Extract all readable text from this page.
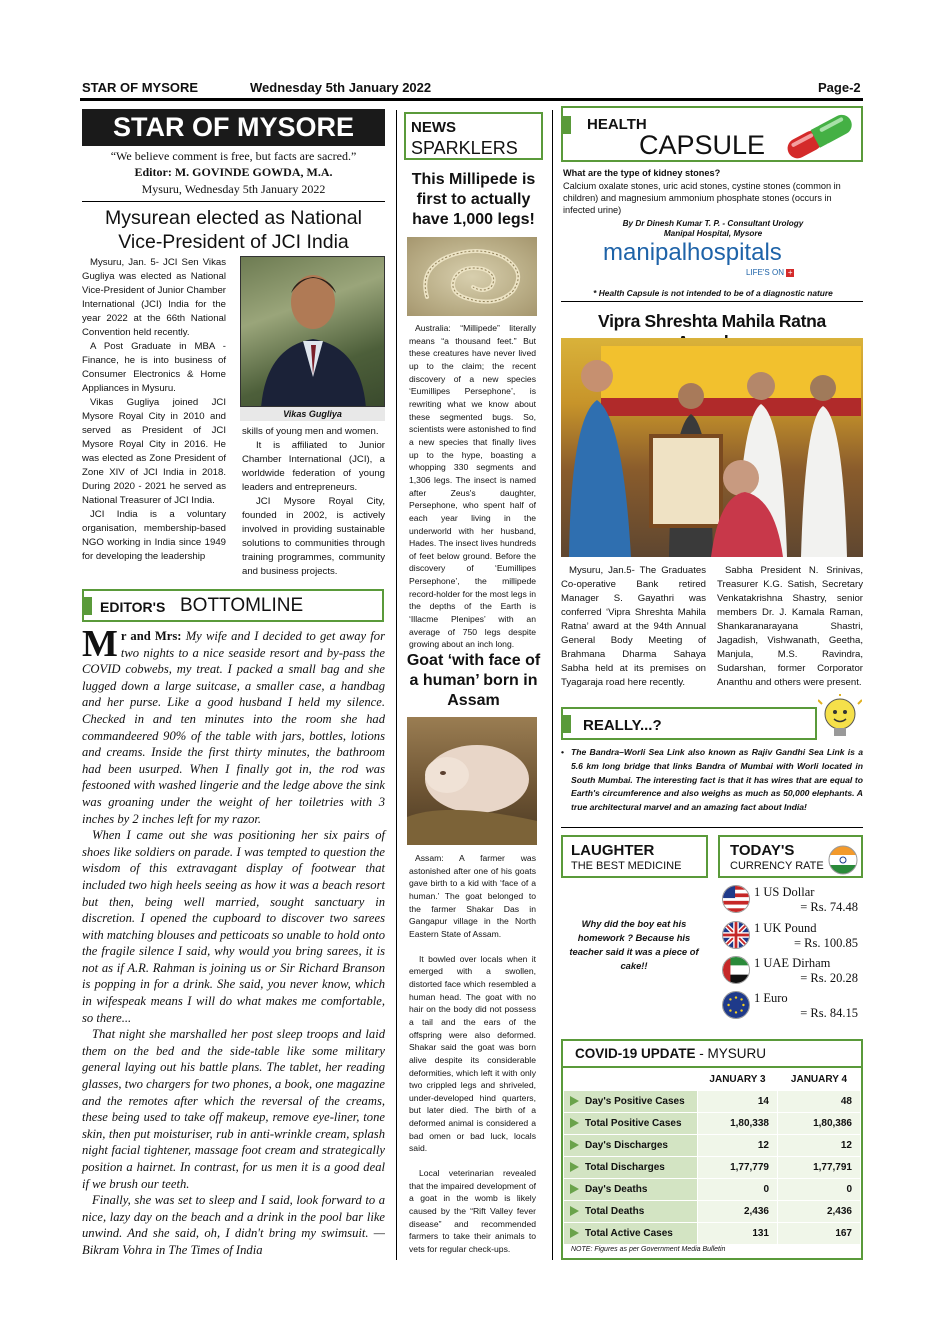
STAR OF MYSORE	Wednesday 5th January 2022	Page-2
STAR OF MYSORE
“We believe comment is free, but facts are sacred.”
Editor: M. GOVINDE GOWDA, M.A.
Mysuru, Wednesday 5th January 2022
Mysurean elected as National Vice-President of JCI India

Mysuru, Jan. 5- JCI Sen Vikas Gugliya was elected as National Vice-President of Junior Chamber International (JCI) India for the year 2022 at the 66th National Convention held recently.

A Post Graduate in MBA - Finance, he is into business of Consumer Electronics & Home Appliances in Mysuru.

Vikas Gugliya joined JCI Mysore Royal City in 2010 and served as President of JCI Mysore Royal City in 2016. He was elected as Zone President of Zone XIV of JCI India in 2018. During 2020 - 2021 he served as National Treasurer of JCI India.

JCI India is a voluntary organisation, membership-based NGO working in India since 1949 for developing the leadership

Vikas Gugliya

skills of young men and women.

It is affiliated to Junior Chamber International (JCI), a worldwide federation of young leaders and entrepreneurs.

JCI Mysore Royal City, founded in 2002, is actively involved in providing sustainable solutions to communities through training programmes, community and business projects.

EDITOR'S BOTTOMLINE

Mr and Mrs: My wife and I decided to get away for two nights to a nice seaside resort and by-pass the COVID cobwebs, my treat. I packed a small bag and she lugged down a large suitcase, a smaller case, a handbag and her purse. Like a good husband I held my silence. Checked in and ten minutes into the room she had commandeered 90% of the table with jars, bottles, lotions and creams. Inside the first thirty minutes, the bathroom had been usurped. When I finally got in, the rod was festooned with washed lingerie and the ledge above the sink was groaning under the weight of her toiletries with 3 inches by 2 inches left for my razor.

When I came out she was positioning her six pairs of shoes like soldiers on parade. I was tempted to question the wisdom of this extravagant display of footwear that included two high heels seeing as how it was a beach resort but then, being well married, sought sanctuary in discretion. I opened the cupboard to discover two sarees with matching blouses and petticoats so unable to hold onto the fragile silence I said, why would you bring sarees, it is not as if A.R. Rahman is joining us or Sir Richard Branson is popping in for a drink. She said, you never know, which in wifespeak means I will do what makes me comfortable, so there...

That night she marshalled her post sleep troops and laid them on the bed and the side-table like some military general laying out his battle plans. The tablet, her reading glasses, two chargers for two phones, a book, one magazine and the remotes after which the reversal of the creams, these being used to take off makeup, remove eye-liner, tone skin, then put moisturiser, rub in anti-wrinkle cream, splash night facial tightener, massage foot cream and strategically position a hairnet. In contrast, for us men it is a good deal if we brush our teeth.

Finally, she was set to sleep and I said, look forward to a nice, lazy day on the beach and a drink in the pool bar like unwind. And she said, oh, I didn't bring my swimsuit. — Bikram Vohra in The Times of India

NEWS
SPARKLERS
This Millipede is first to actually have 1,000 legs!

Australia: “Millipede” literally means “a thousand feet.” But these creatures have never lived up to the claim; the recent discovery of a new species ‘Eumillipes Persephone’, is rewriting what we know about these segmented bugs. So, scientists were astonished to find a new species that finally lives up to the hype, boasting a whopping 330 segments and 1,306 legs. The insect is named after Zeus's daughter, Persephone, who spent half of each year living in the underworld with her husband, Hades. The insect lives hundreds of feet below ground. Before the discovery of ‘Eumillipes Persephone’, the millipede record-holder for the most legs in the depths of the Earth is ‘Illacme Plenipes’ with an average of 750 legs despite growing about an inch long.

Goat ‘with face of a human’ born in Assam

Assam: A farmer was astonished after one of his goats gave birth to a kid with ‘face of a human.’ The goat belonged to the farmer Shakar Das in Gangapur village in the North Eastern State of Assam.

It bowled over locals when it emerged with a swollen, distorted face which resembled a human head. The goat with no hair on the body did not possess a tail and the ears of the offspring were also deformed. Shakar said the goat was born alive despite its considerable deformities, which left it with only two crippled legs and shriveled, under-developed hind quarters, but later died. The birth of a deformed animal is considered a bad omen or bad luck, locals said.

Local veterinarian revealed that the impaired development of a goat in the womb is likely caused by the “Rift Valley fever disease” and recommended farmers to take their animals to vets for regular check-ups.

HEALTH
CAPSULE
What are the type of kidney stones?
Calcium oxalate stones, uric acid stones, cystine stones (common in children) and magnesium ammonium phosphate stones (occurs in infected urine)
By Dr Dinesh Kumar T. P. - Consultant Urology
Manipal Hospital, Mysore
manipalhospitals
LIFE'S ON +
* Health Capsule is not intended to be of a diagnostic nature
Vipra Shreshta Mahila Ratna

Mysuru, Jan.5- The Graduates Co-operative Bank retired Manager S. Gayathri was conferred ‘Vipra Shreshta Mahila Ratna’ award at the 94th Annual General Body Meeting of Brahmana Dharma Sahaya Sabha held at its premises on Tyagaraja road here recently.

Sabha President N. Srinivas, Treasurer K.G. Satish, Secretary Venkatakrishna Shastry, senior members Dr. J. Kamala Raman, Shankaranarayana Shastri, Jagadish, Vishwanath, Geetha, Manjula, M.S. Ravindra, Sudarshan, former Corporator Ananthu and others were present.

REALLY...?
• The Bandra–Worli Sea Link also known as Rajiv Gandhi Sea Link is a 5.6 km long bridge that links Bandra of Mumbai with Worli located in South Mumbai. The interesting fact is that it has wires that are equal to Earth's circumference and also weighs as much as 50,000 elephants. A true architectural marvel and an amazing fact about India!
LAUGHTER
THE BEST MEDICINE
Why did the boy eat his homework ? Because his teacher said it was a piece of cake!!
TODAY'S
CURRENCY RATE
1 US Dollar
= Rs. 74.48
1 UK Pound
= Rs. 100.85
1 UAE Dirham
= Rs. 20.28
1 Euro
= Rs. 84.15
COVID-19 UPDATE - MYSURU
	JANUARY 3	JANUARY 4
Day's Positive Cases	14	48
Total Positive Cases	1,80,338	1,80,386
Day's Discharges	12	12
Total Discharges	1,77,779	1,77,791
Day's Deaths	0	0
Total Deaths	2,436	2,436
Total Active Cases	131	167
NOTE: Figures as per Government Media Bulletin
